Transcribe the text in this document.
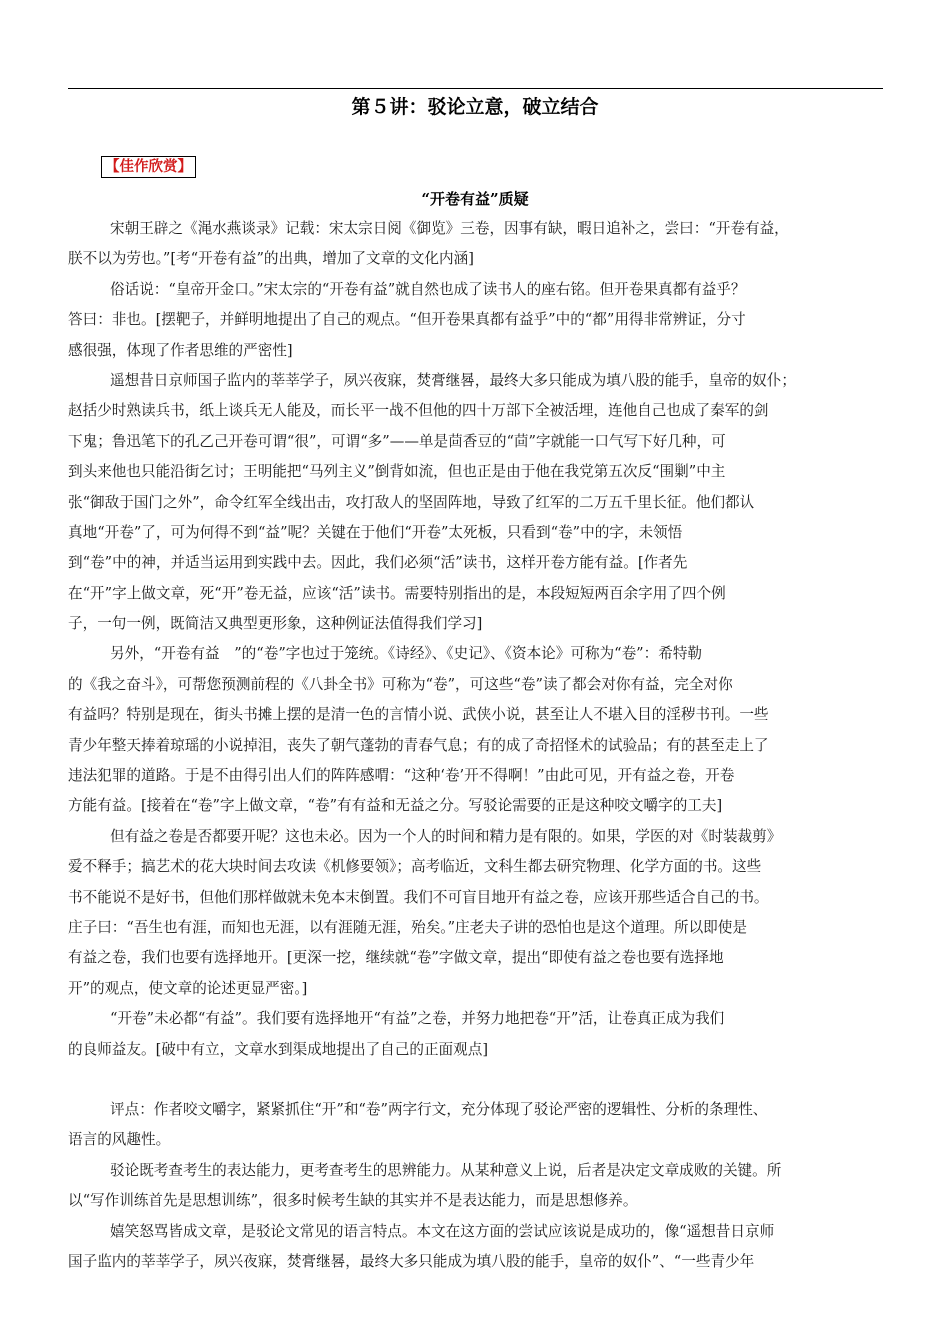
第５讲：驳论立意，破立结合
【佳作欣赏】
“开卷有益”质疑
宋朝王辟之《渑水燕谈录》记载：宋太宗日阅《御览》三卷，因事有缺，暇日追补之，尝曰：“开卷有益，
朕不以为劳也。”[考“开卷有益”的出典，增加了文章的文化内涵]
俗话说：“皇帝开金口。”宋太宗的“开卷有益”就自然也成了读书人的座右铭。但开卷果真都有益乎？
答曰：非也。[摆靶子，并鲜明地提出了自己的观点。“但开卷果真都有益乎”中的“都”用得非常辨证，分寸
感很强，体现了作者思维的严密性]
遥想昔日京师国子监内的莘莘学子，夙兴夜寐，焚膏继晷，最终大多只能成为填八股的能手，皇帝的奴仆；
赵括少时熟读兵书，纸上谈兵无人能及，而长平一战不但他的四十万部下全被活埋，连他自己也成了秦军的剑
下鬼；鲁迅笔下的孔乙己开卷可谓“很”，可谓“多”——单是茴香豆的“茴”字就能一口气写下好几种，可
到头来他也只能沿街乞讨；王明能把“马列主义”倒背如流，但也正是由于他在我党第五次反“围剿”中主
张“御敌于国门之外”，命令红军全线出击，攻打敌人的坚固阵地，导致了红军的二万五千里长征。他们都认
真地“开卷”了，可为何得不到“益”呢？关键在于他们“开卷”太死板，只看到“卷”中的字，未领悟
到“卷”中的神，并适当运用到实践中去。因此，我们必须“活”读书，这样开卷方能有益。[作者先
在“开”字上做文章，死“开”卷无益，应该“活”读书。需要特别指出的是，本段短短两百余字用了四个例
子，一句一例，既简洁又典型更形象，这种例证法值得我们学习]
另外，“开卷有益　”的“卷”字也过于笼统。《诗经》、《史记》、《资本论》可称为“卷”：希特勒
的《我之奋斗》，可帮您预测前程的《八卦全书》可称为“卷”，可这些“卷”读了都会对你有益，完全对你
有益吗？特别是现在，街头书摊上摆的是清一色的言情小说、武侠小说，甚至让人不堪入目的淫秽书刊。一些
青少年整天捧着琼瑶的小说掉泪，丧失了朝气蓬勃的青春气息；有的成了奇招怪术的试验品；有的甚至走上了
违法犯罪的道路。于是不由得引出人们的阵阵感喟：“这种‘卷’开不得啊！”由此可见，开有益之卷，开卷
方能有益。[接着在“卷”字上做文章，“卷”有有益和无益之分。写驳论需要的正是这种咬文嚼字的工夫]
但有益之卷是否都要开呢？这也未必。因为一个人的时间和精力是有限的。如果，学医的对《时装裁剪》
爱不释手；搞艺术的花大块时间去攻读《机修要领》；高考临近，文科生都去研究物理、化学方面的书。这些
书不能说不是好书，但他们那样做就未免本末倒置。我们不可盲目地开有益之卷，应该开那些适合自己的书。
庄子曰：“吾生也有涯，而知也无涯，以有涯随无涯，殆矣。”庄老夫子讲的恐怕也是这个道理。所以即使是
有益之卷，我们也要有选择地开。[更深一挖，继续就“卷”字做文章，提出“即使有益之卷也要有选择地
开”的观点，使文章的论述更显严密。]
“开卷”未必都“有益”。我们要有选择地开“有益”之卷，并努力地把卷“开”活，让卷真正成为我们
的良师益友。[破中有立，文章水到渠成地提出了自己的正面观点]
评点：作者咬文嚼字，紧紧抓住“开”和“卷”两字行文，充分体现了驳论严密的逻辑性、分析的条理性、
语言的风趣性。
驳论既考查考生的表达能力，更考查考生的思辨能力。从某种意义上说，后者是决定文章成败的关键。所
以“写作训练首先是思想训练”，很多时候考生缺的其实并不是表达能力，而是思想修养。
嬉笑怒骂皆成文章，是驳论文常见的语言特点。本文在这方面的尝试应该说是成功的，像“遥想昔日京师
国子监内的莘莘学子，夙兴夜寐，焚膏继晷，最终大多只能成为填八股的能手，皇帝的奴仆”、“一些青少年
